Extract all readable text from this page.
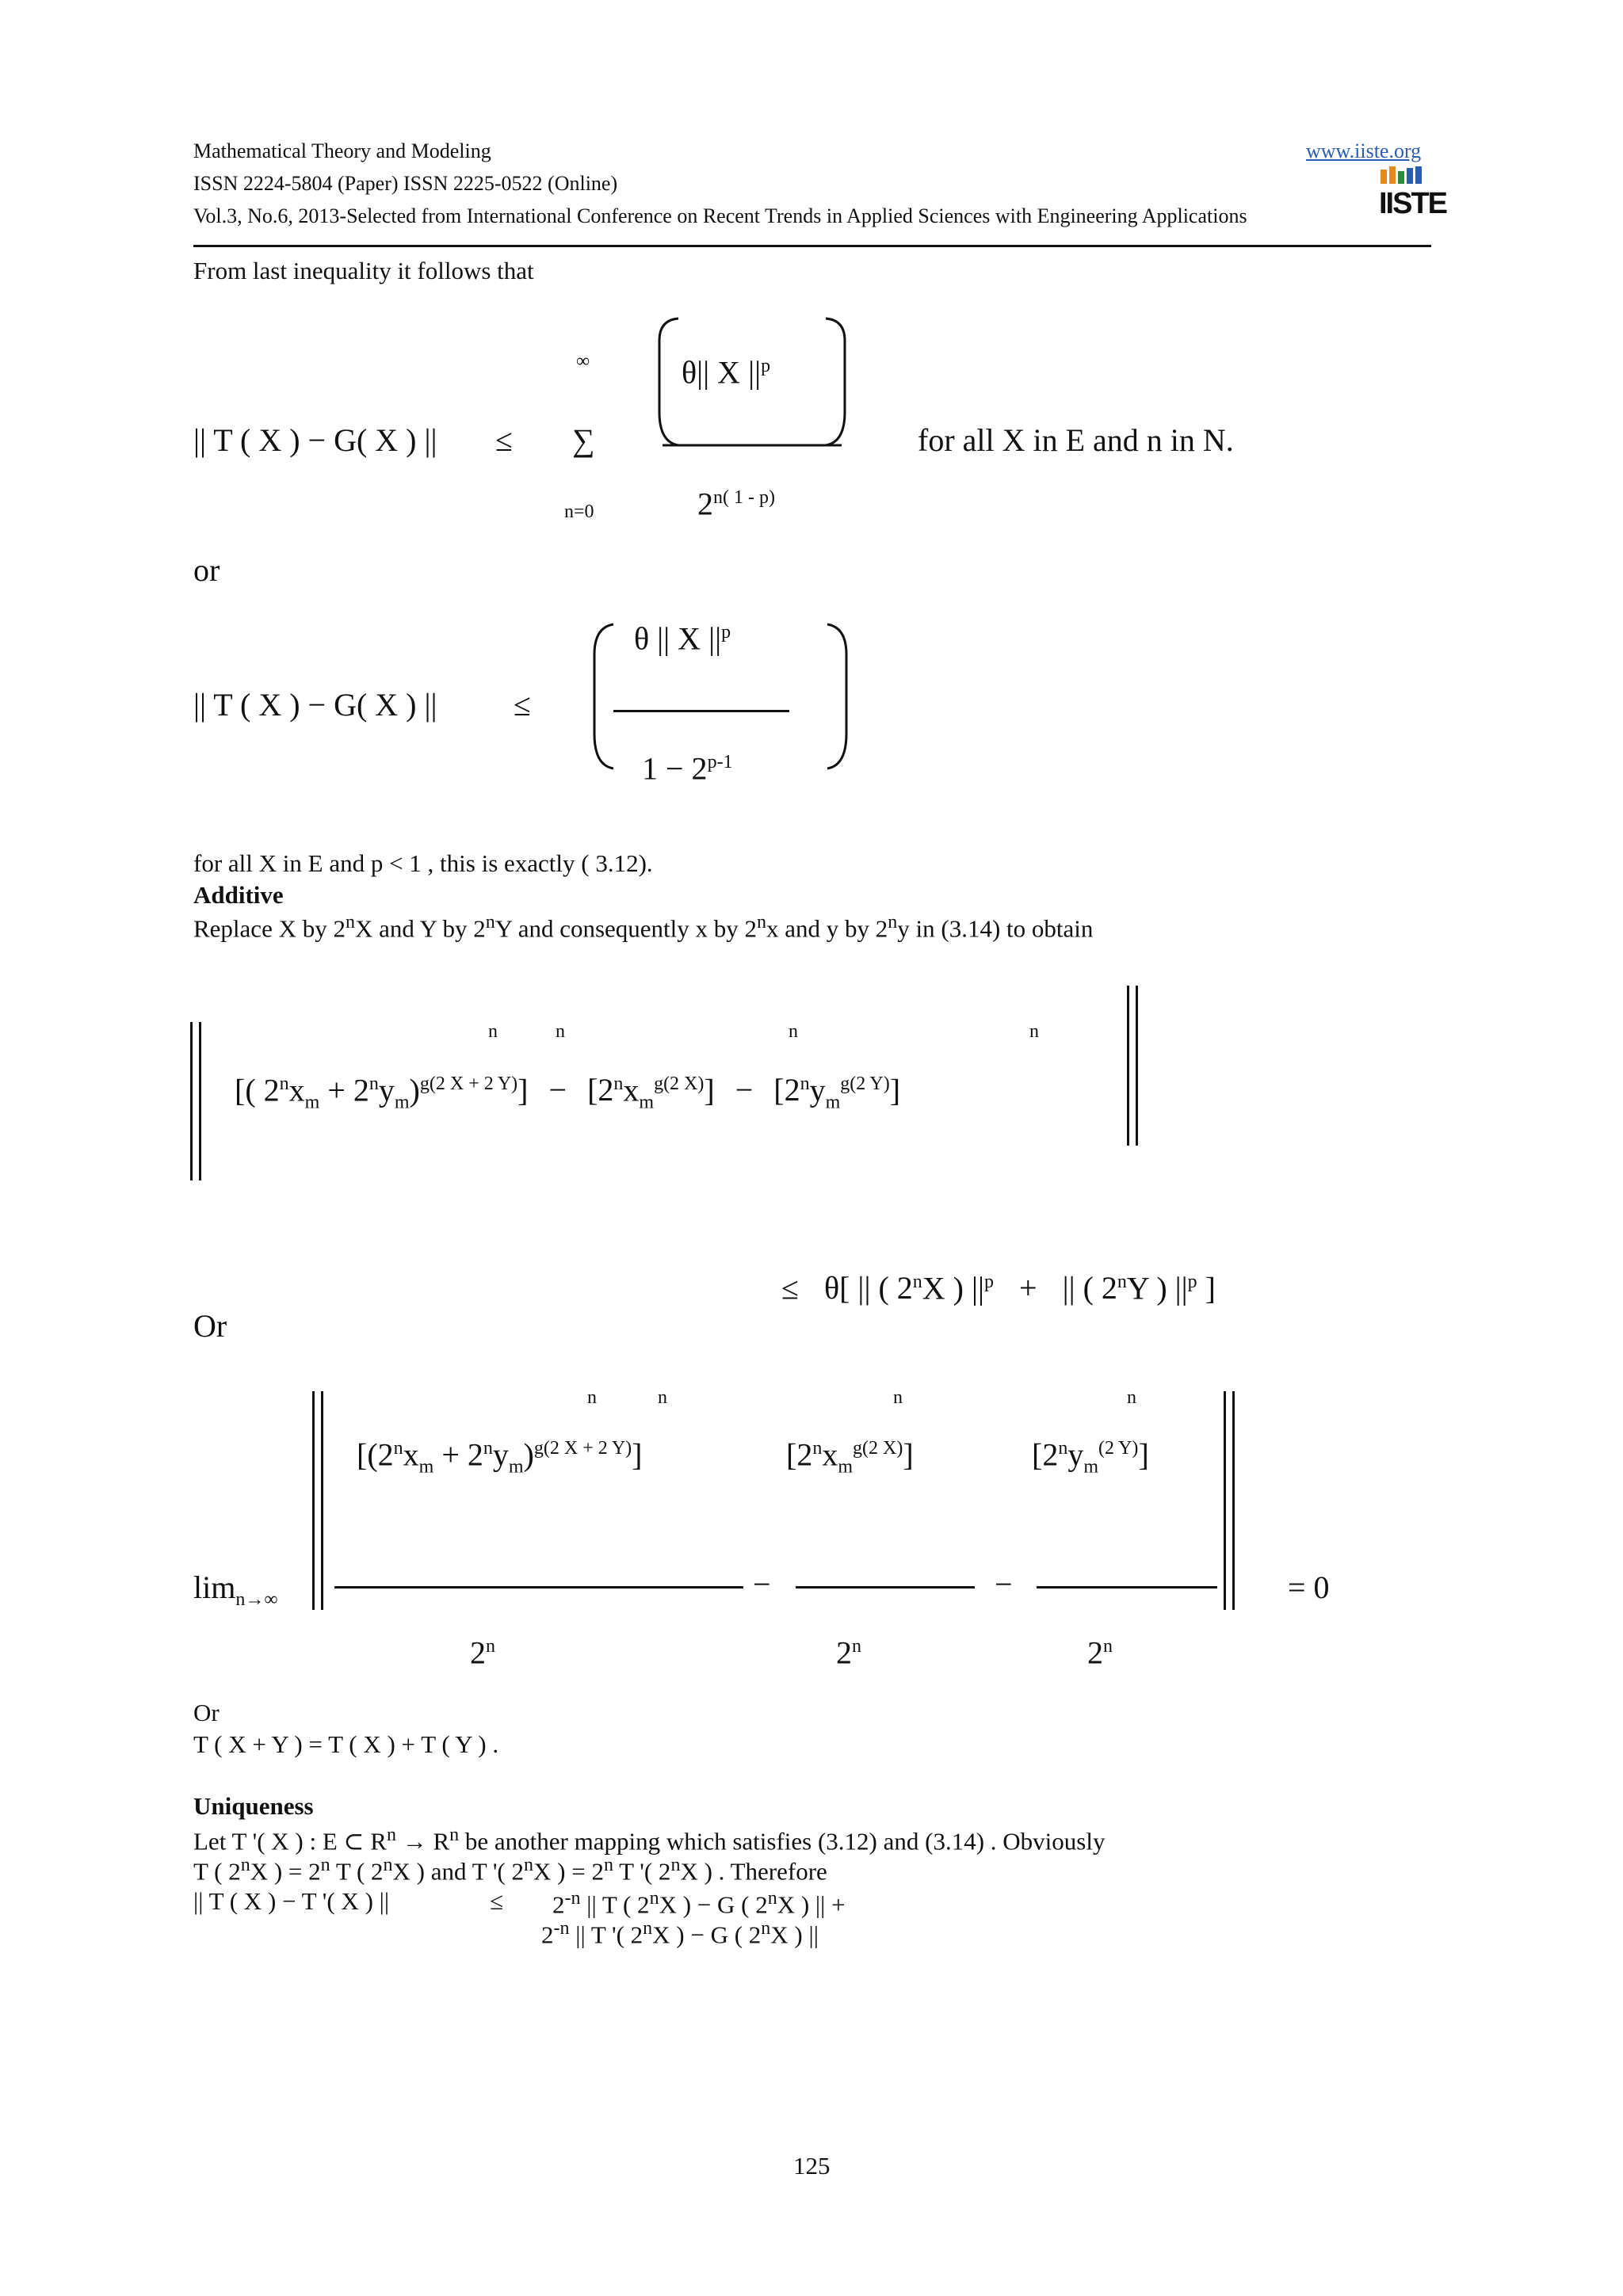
Mathematical Theory and Modeling	www.iiste.org
ISSN 2224-5804 (Paper) ISSN 2225-0522 (Online)
Vol.3, No.6, 2013-Selected from International Conference on Recent Trends in Applied Sciences with Engineering Applications	IISTE
From last inequality it follows that
∞
|| T ( X ) − G( X ) || ≤ ∑
n=0
θ|| X $||^p$
$2^{n( 1 - p)}$
for all X in E and n in N.
or
|| T ( X ) − G( X ) || ≤
θ || X $||^p$
$1 - 2^{p-1}$
for all X in E and p < 1 , this is exactly ( 3.12).
Additive
Replace X by 2$^n$X and Y by 2$^n$Y and consequently x by 2$^n$x and y by 2$^n$y in (3.14) to obtain
n	n	n	n
[( $2^nx_m + 2^ny_m)^{g(2 X + 2 Y)}] - [2^nx_m^{g(2 X)}] - [2^ny_m^{g(2 Y)}]$
≤ θ[ || ( 2$^n$X ) $||^p$ + || ( 2$^n$Y ) $||^p$ ]
Or
n	n	n	n
$[(2^nx_m + 2^ny_m)^{g(2 X + 2 Y)}]$	$[2^nx_m^{g(2 X)}]$	$[2^ny_m^{(2 Y)}]$
$\lim_{n\to\infty}$	−	−	= 0
2$^n$	2$^n$	2$^n$
Or
T ( X + Y ) = T ( X ) + T ( Y ) .
Uniqueness
Let T '( X ) : E ⊂ $R^n \to R^n$ be another mapping which satisfies (3.12) and (3.14) . Obviously
T ( 2$^n$X ) = $2^n$ T ( 2$^n$X ) and T '( 2$^n$X ) = $2^n$ T '( 2$^n$X ) . Therefore
|| T ( X ) − T '( X ) ||	≤ $2^{-n}$ || T ( 2$^n$X ) − G ( 2$^n$X ) || +
$2^{-n}$ || T '( 2$^n$X ) − G ( 2$^n$X ) ||
125
